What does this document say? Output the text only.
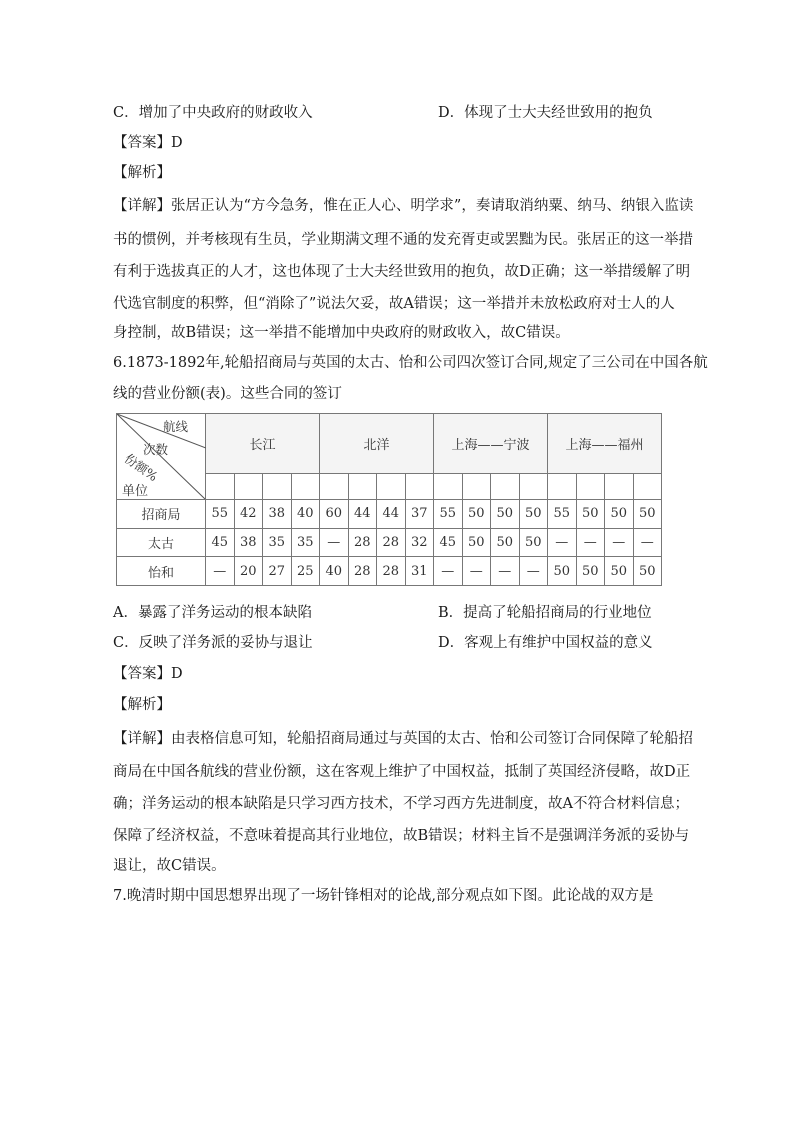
C．增加了中央政府的财政收入	D．体现了士大夫经世致用的抱负
【答案】D
【解析】
【详解】张居正认为“方今急务，惟在正人心、明学求”，奏请取消纳粟、纳马、纳银入监读
书的惯例，并考核现有生员，学业期满文理不通的发充胥吏或罢黜为民。张居正的这一举措
有利于选拔真正的人才，这也体现了士大夫经世致用的抱负，故D正确；这一举措缓解了明
代选官制度的积弊，但“消除了”说法欠妥，故A错误；这一举措并未放松政府对士人的人
身控制，故B错误；这一举措不能增加中央政府的财政收入，故C错误。
6.1873-1892年,轮船招商局与英国的太古、怡和公司四次签订合同,规定了三公司在中国各航
线的营业份额(表)。这些合同的签订
航线
次数
份额%	长江				北洋				上海——宁波				上海——福州			

单位
招商局	55	42	38	40	60	44	44	37	55	50	50	50	55	50	50	50
太古	45	38	35	35	—	28	28	32	45	50	50	50	—	—	—	—
怡和	—	20	27	25	40	28	28	31	—	—	—	—	50	50	50	50
A．暴露了洋务运动的根本缺陷	B．提高了轮船招商局的行业地位
C．反映了洋务派的妥协与退让	D．客观上有维护中国权益的意义
【答案】D
【解析】
【详解】由表格信息可知，轮船招商局通过与英国的太古、怡和公司签订合同保障了轮船招
商局在中国各航线的营业份额，这在客观上维护了中国权益，抵制了英国经济侵略，故D正
确；洋务运动的根本缺陷是只学习西方技术，不学习西方先进制度，故A不符合材料信息；
保障了经济权益，不意味着提高其行业地位，故B错误；材料主旨不是强调洋务派的妥协与
退让，故C错误。
7.晚清时期中国思想界出现了一场针锋相对的论战,部分观点如下图。此论战的双方是
